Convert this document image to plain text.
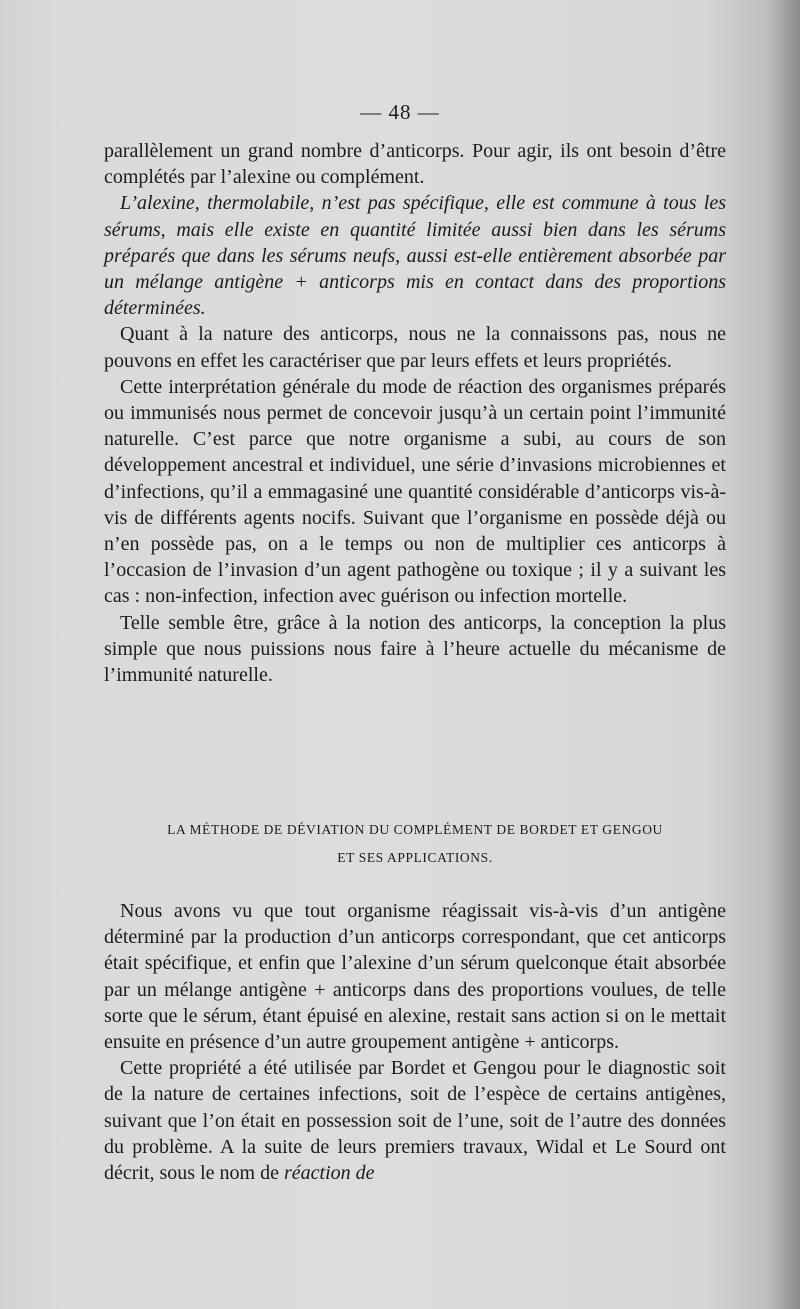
— 48 —

parallèlement un grand nombre d’anticorps. Pour agir, ils ont besoin d’être complétés par l’alexine ou complément.

L’alexine, thermolabile, n’est pas spécifique, elle est commune à tous les sérums, mais elle existe en quantité limitée aussi bien dans les sérums préparés que dans les sérums neufs, aussi est-elle entièrement absorbée par un mélange antigène + anticorps mis en contact dans des proportions déterminées.

Quant à la nature des anticorps, nous ne la connaissons pas, nous ne pouvons en effet les caractériser que par leurs effets et leurs propriétés.

Cette interprétation générale du mode de réaction des organismes préparés ou immunisés nous permet de concevoir jusqu’à un certain point l’immunité naturelle. C’est parce que notre organisme a subi, au cours de son développement ancestral et individuel, une série d’invasions microbiennes et d’infections, qu’il a emmagasiné une quantité considérable d’anticorps vis-à-vis de différents agents nocifs. Suivant que l’organisme en possède déjà ou n’en possède pas, on a le temps ou non de multiplier ces anticorps à l’occasion de l’invasion d’un agent pathogène ou toxique ; il y a suivant les cas : non-infection, infection avec guérison ou infection mortelle.

Telle semble être, grâce à la notion des anticorps, la conception la plus simple que nous puissions nous faire à l’heure actuelle du mécanisme de l’immunité naturelle.

LA MÉTHODE DE DÉVIATION DU COMPLÉMENT DE BORDET ET GENGOU
ET SES APPLICATIONS.

Nous avons vu que tout organisme réagissait vis-à-vis d’un antigène déterminé par la production d’un anticorps correspondant, que cet anticorps était spécifique, et enfin que l’alexine d’un sérum quelconque était absorbée par un mélange antigène + anticorps dans des proportions voulues, de telle sorte que le sérum, étant épuisé en alexine, restait sans action si on le mettait ensuite en présence d’un autre groupement antigène + anticorps.

Cette propriété a été utilisée par Bordet et Gengou pour le diagnostic soit de la nature de certaines infections, soit de l’espèce de certains antigènes, suivant que l’on était en possession soit de l’une, soit de l’autre des données du problème. A la suite de leurs premiers travaux, Widal et Le Sourd ont décrit, sous le nom de réaction de
